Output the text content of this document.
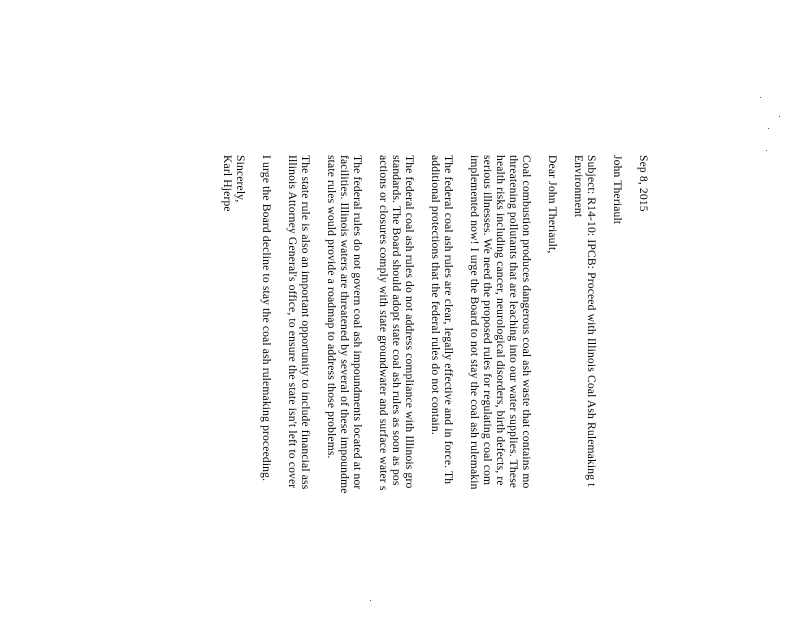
Sep 8, 2015
John Theriault
Subject: R14-10: IPCB: Proceed with Illinois Coal Ash Rulemaking t
Environment
Dear John Theriault,
Coal combustion produces dangerous coal ash waste that contains mo
threatening pollutants that are leaching into our water supplies. These
health risks including cancer, neurological disorders, birth defects, re
serious illnesses. We need the proposed rules for regulating coal com
implemented now! I urge the Board to not stay the coal ash rulemakin
The federal coal ash rules are clear, legally effective and in force. Th
additional protections that the federal rules do not contain.
The federal coal ash rules do not address compliance with Illinois gro
standards. The Board should adopt state coal ash rules as soon as pos
actions or closures comply with state groundwater and surface water s
The federal rules do not govern coal ash impoundments located at nor
facilities. Illinois waters are threatened by several of these impoundme
state rules would provide a roadmap to address those problems.
The state rule is also an important opportunity to include financial ass
Illinois Attorney General's office, to ensure the state isn't left to cover
I urge the Board decline to stay the coal ash rulemaking proceeding.
Sincerely,
Karl Hjerpe
